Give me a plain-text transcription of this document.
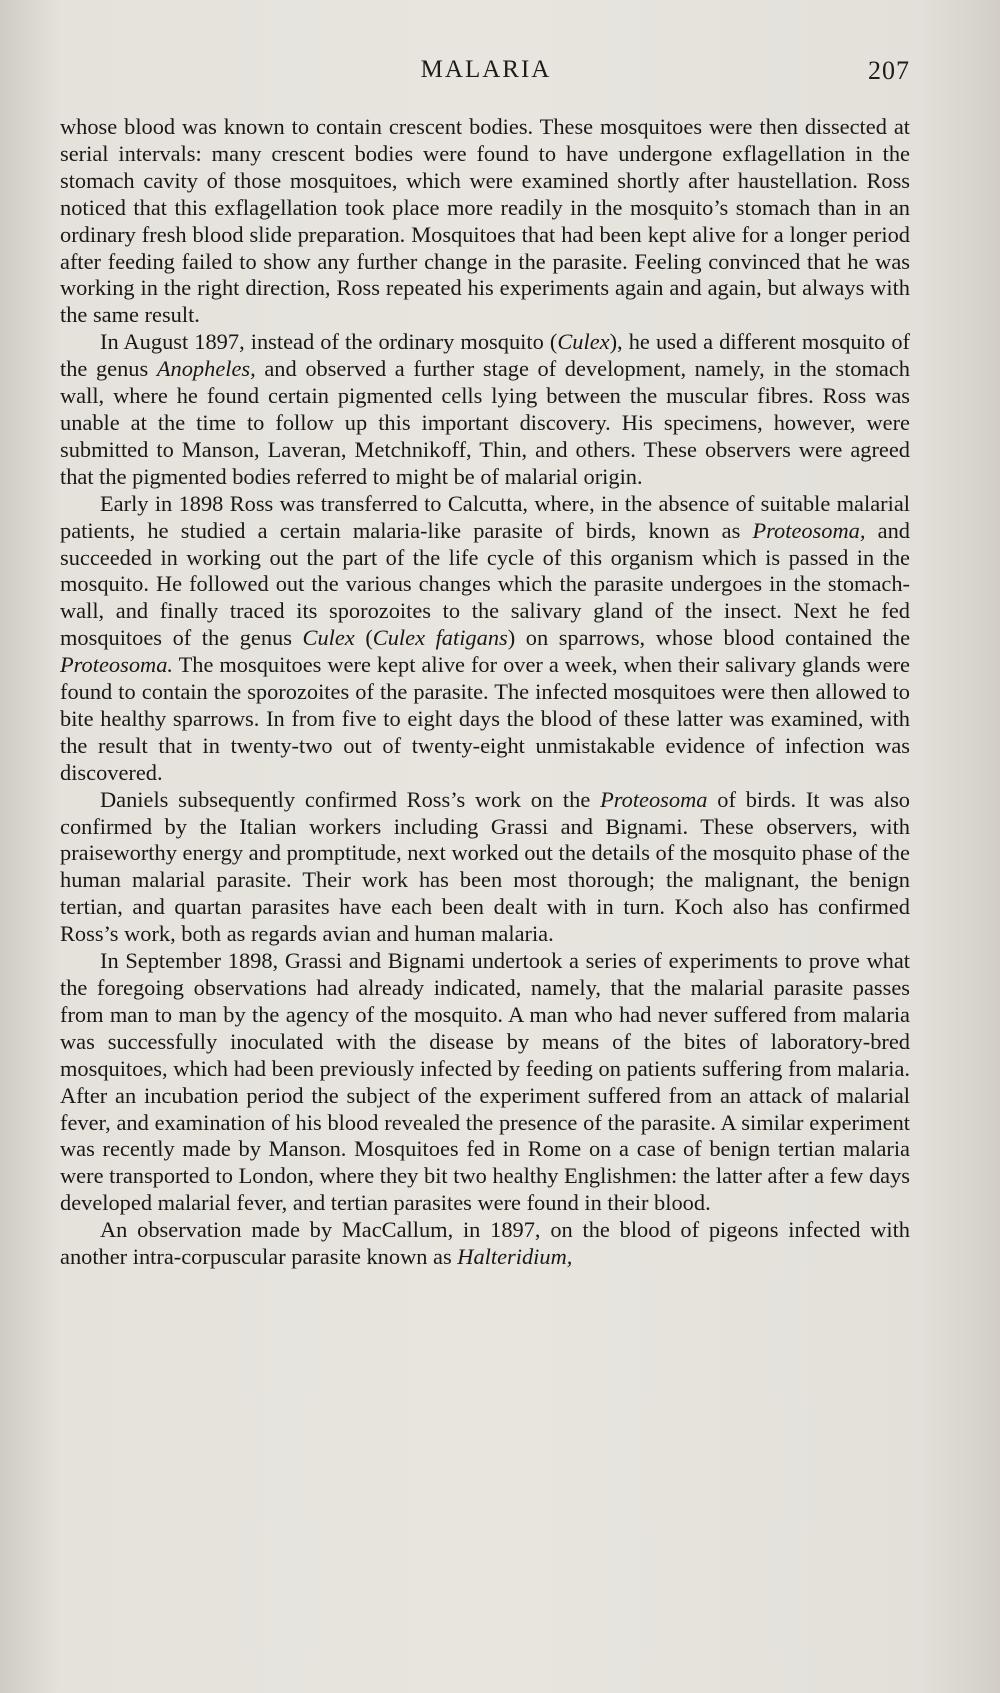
MALARIA	207

whose blood was known to contain crescent bodies. These mosquitoes were then dissected at serial intervals: many crescent bodies were found to have undergone exflagellation in the stomach cavity of those mosquitoes, which were examined shortly after haustellation. Ross noticed that this exflagellation took place more readily in the mosquito’s stomach than in an ordinary fresh blood slide preparation. Mosquitoes that had been kept alive for a longer period after feeding failed to show any further change in the parasite. Feeling convinced that he was working in the right direction, Ross repeated his experiments again and again, but always with the same result.

In August 1897, instead of the ordinary mosquito (Culex), he used a different mosquito of the genus Anopheles, and observed a further stage of development, namely, in the stomach wall, where he found certain pigmented cells lying between the muscular fibres. Ross was unable at the time to follow up this important discovery. His specimens, however, were submitted to Manson, Laveran, Metchnikoff, Thin, and others. These observers were agreed that the pigmented bodies referred to might be of malarial origin.

Early in 1898 Ross was transferred to Calcutta, where, in the absence of suitable malarial patients, he studied a certain malaria-like parasite of birds, known as Proteosoma, and succeeded in working out the part of the life cycle of this organism which is passed in the mosquito. He followed out the various changes which the parasite undergoes in the stomach-wall, and finally traced its sporozoites to the salivary gland of the insect. Next he fed mosquitoes of the genus Culex (Culex fatigans) on sparrows, whose blood contained the Proteosoma. The mosquitoes were kept alive for over a week, when their salivary glands were found to contain the sporozoites of the parasite. The infected mosquitoes were then allowed to bite healthy sparrows. In from five to eight days the blood of these latter was examined, with the result that in twenty-two out of twenty-eight unmistakable evidence of infection was discovered.

Daniels subsequently confirmed Ross’s work on the Proteosoma of birds. It was also confirmed by the Italian workers including Grassi and Bignami. These observers, with praiseworthy energy and promptitude, next worked out the details of the mosquito phase of the human malarial parasite. Their work has been most thorough; the malignant, the benign tertian, and quartan parasites have each been dealt with in turn. Koch also has confirmed Ross’s work, both as regards avian and human malaria.

In September 1898, Grassi and Bignami undertook a series of experiments to prove what the foregoing observations had already indicated, namely, that the malarial parasite passes from man to man by the agency of the mosquito. A man who had never suffered from malaria was successfully inoculated with the disease by means of the bites of laboratory-bred mosquitoes, which had been previously infected by feeding on patients suffering from malaria. After an incubation period the subject of the experiment suffered from an attack of malarial fever, and examination of his blood revealed the presence of the parasite. A similar experiment was recently made by Manson. Mosquitoes fed in Rome on a case of benign tertian malaria were transported to London, where they bit two healthy Englishmen: the latter after a few days developed malarial fever, and tertian parasites were found in their blood.

An observation made by MacCallum, in 1897, on the blood of pigeons infected with another intra-corpuscular parasite known as Halteridium,
